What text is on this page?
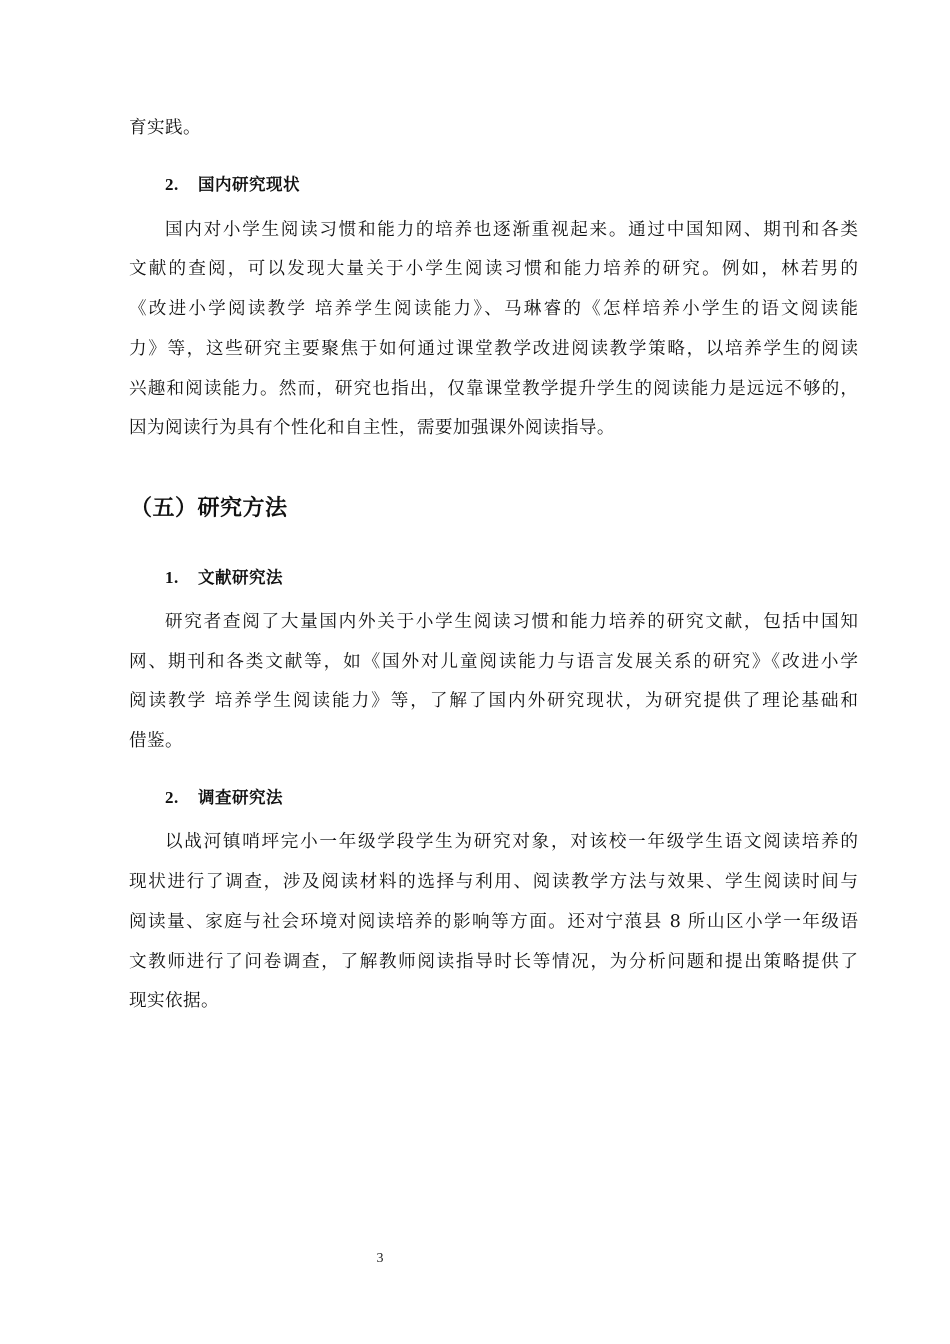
育实践。
2. 国内研究现状
国内对小学生阅读习惯和能力的培养也逐渐重视起来。通过中国知网、期刊和各类
文献的查阅，可以发现大量关于小学生阅读习惯和能力培养的研究。例如，林若男的
《改进小学阅读教学 培养学生阅读能力》、马琳睿的《怎样培养小学生的语文阅读能
力》等，这些研究主要聚焦于如何通过课堂教学改进阅读教学策略，以培养学生的阅读
兴趣和阅读能力。然而，研究也指出，仅靠课堂教学提升学生的阅读能力是远远不够的，
因为阅读行为具有个性化和自主性，需要加强课外阅读指导。
（五）研究方法
1. 文献研究法
研究者查阅了大量国内外关于小学生阅读习惯和能力培养的研究文献，包括中国知
网、期刊和各类文献等，如《国外对儿童阅读能力与语言发展关系的研究》《改进小学
阅读教学 培养学生阅读能力》等，了解了国内外研究现状，为研究提供了理论基础和
借鉴。
2. 调查研究法
以战河镇哨坪完小一年级学段学生为研究对象，对该校一年级学生语文阅读培养的
现状进行了调查，涉及阅读材料的选择与利用、阅读教学方法与效果、学生阅读时间与
阅读量、家庭与社会环境对阅读培养的影响等方面。还对宁蒗县 8 所山区小学一年级语
文教师进行了问卷调查，了解教师阅读指导时长等情况，为分析问题和提出策略提供了
现实依据。
3
